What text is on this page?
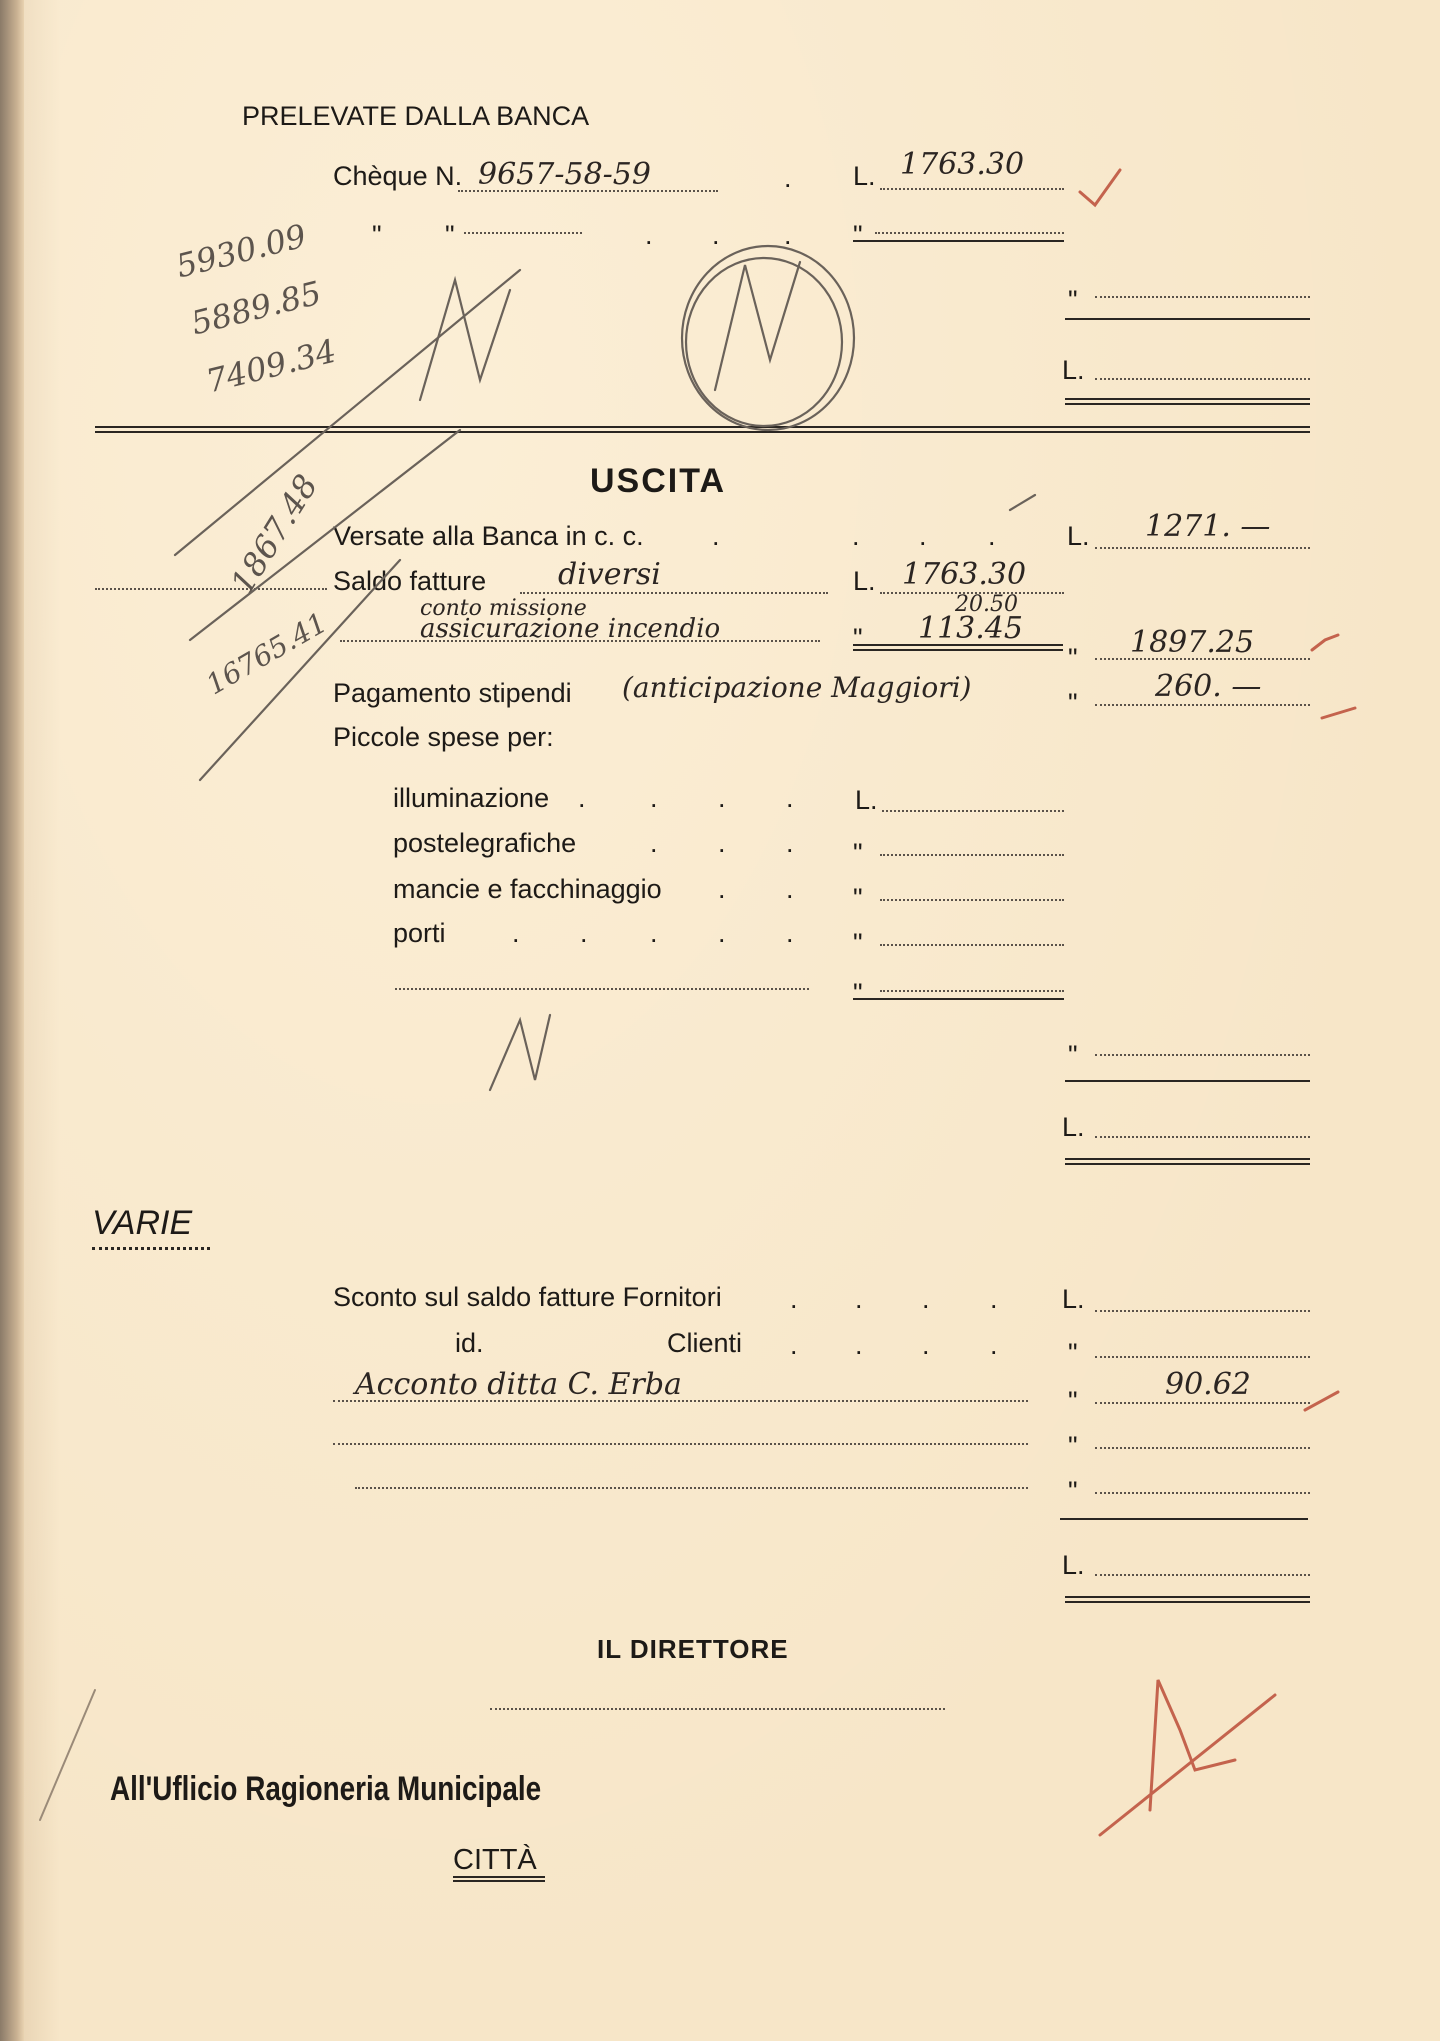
PRELEVATE DALLA BANCA
Chèque N. 9657-58-59	. L. 1763.30
" "	. . . "
"
L.
5930.09
5889.85
7409.34
1867.48
16765.41
USCITA
Versate alla Banca in c. c.	.	. . .	L. 1271. —
Saldo fatture diversi	L. 1763.30
conto missione	20.50
assicurazione incendio	" 113.45
" 1897.25
Pagamento stipendi (anticipazione Maggiori)	"	260. —
Piccole spese per:
illuminazione . . . . L.
postelegrafiche	. . . "
mancie e facchinaggio . . "
porti . . . . . "
"
"
L.
VARIE
Sconto sul saldo fatture Fornitori	. . . . L.
id.	Clienti . . . .	"
Acconto ditta C. Erba	"	90.62
"
"
L.
IL DIRETTORE
All'Uflicio Ragioneria Municipale
CITTÀ
